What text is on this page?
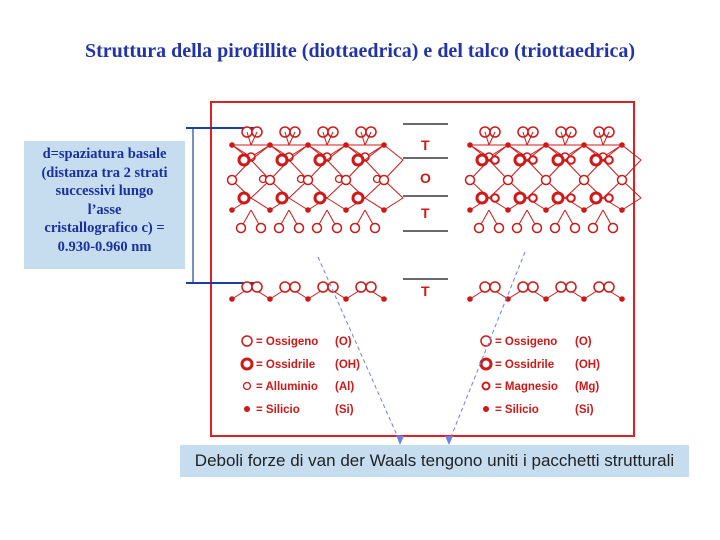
Struttura della pirofillite (diottaedrica) e del talco (triottaedrica)
d=spaziatura basale
(distanza tra 2 strati
successivi lungo
l’asse
cristallografico c) =
0.930-0.960 nm
T
O
T
T
= Ossigeno
= Ossidrile
= Alluminio
= Silicio
(O)
(OH)
(Al)
(Si)
= Ossigeno
= Ossidrile
= Magnesio
= Silicio
(O)
(OH)
(Mg)
(Si)
Deboli forze di van der Waals tengono uniti i pacchetti strutturali
